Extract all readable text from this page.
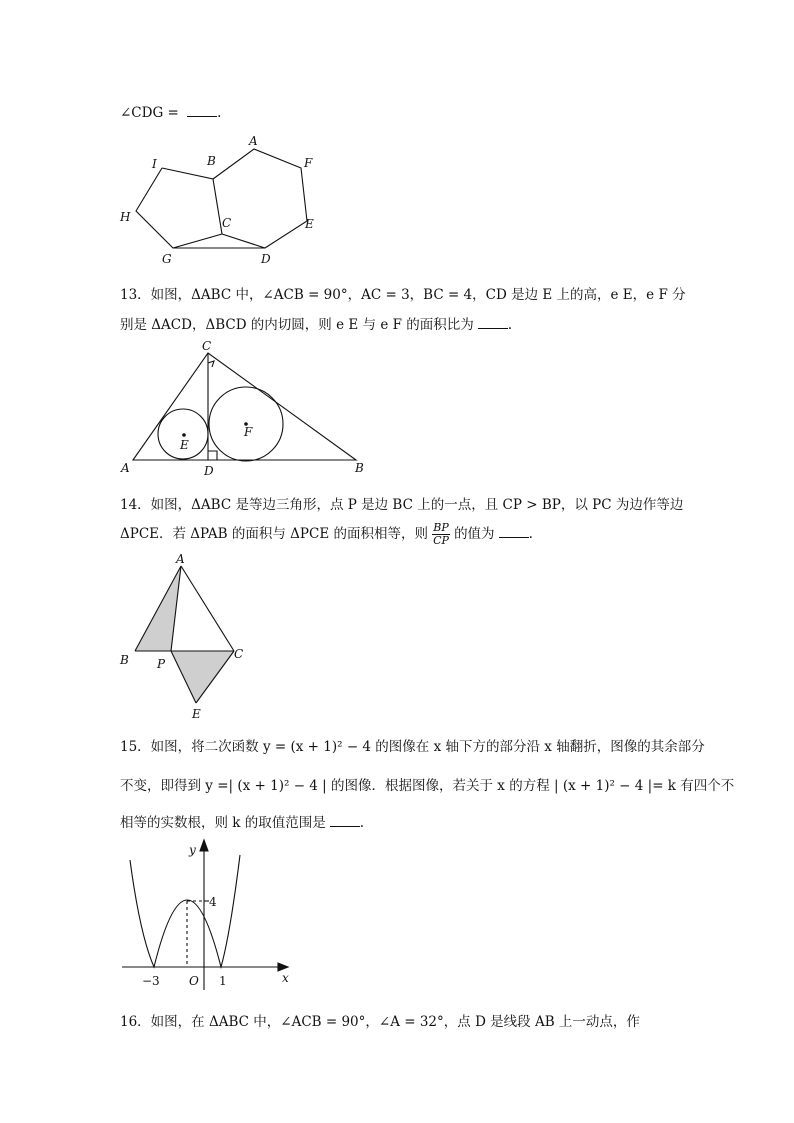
∠CDG =	.
I	B
A
F
H	C	E
G	D
13．如图，ΔABC 中，∠ACB = 90°，AC = 3，BC = 4，CD 是边 E 上的高，e E，e F 分
别是 ΔACD，ΔBCD 的内切圆，则 e E 与 e F 的面积比为	.
C
A	B
D
E
F
14．如图，ΔABC 是等边三角形，点 P 是边 BC 上的一点，且 CP > BP，以 PC 为边作等边
ΔPCE．若 ΔPAB 的面积与 ΔPCE 的面积相等，则 $\frac{BP}{CP}$ 的值为	.
A
B P
C
E
15．如图，将二次函数 y = (x + 1)² − 4 的图像在 x 轴下方的部分沿 x 轴翻折，图像的其余部分
不变，即得到 y =| (x + 1)² − 4 | 的图像．根据图像，若关于 x 的方程 | (x + 1)² − 4 |= k 有四个不
相等的实数根，则 k 的取值范围是	.
y
x
4
−3 O 1
16．如图，在 ΔABC 中，∠ACB = 90°，∠A = 32°，点 D 是线段 AB 上一动点，作
